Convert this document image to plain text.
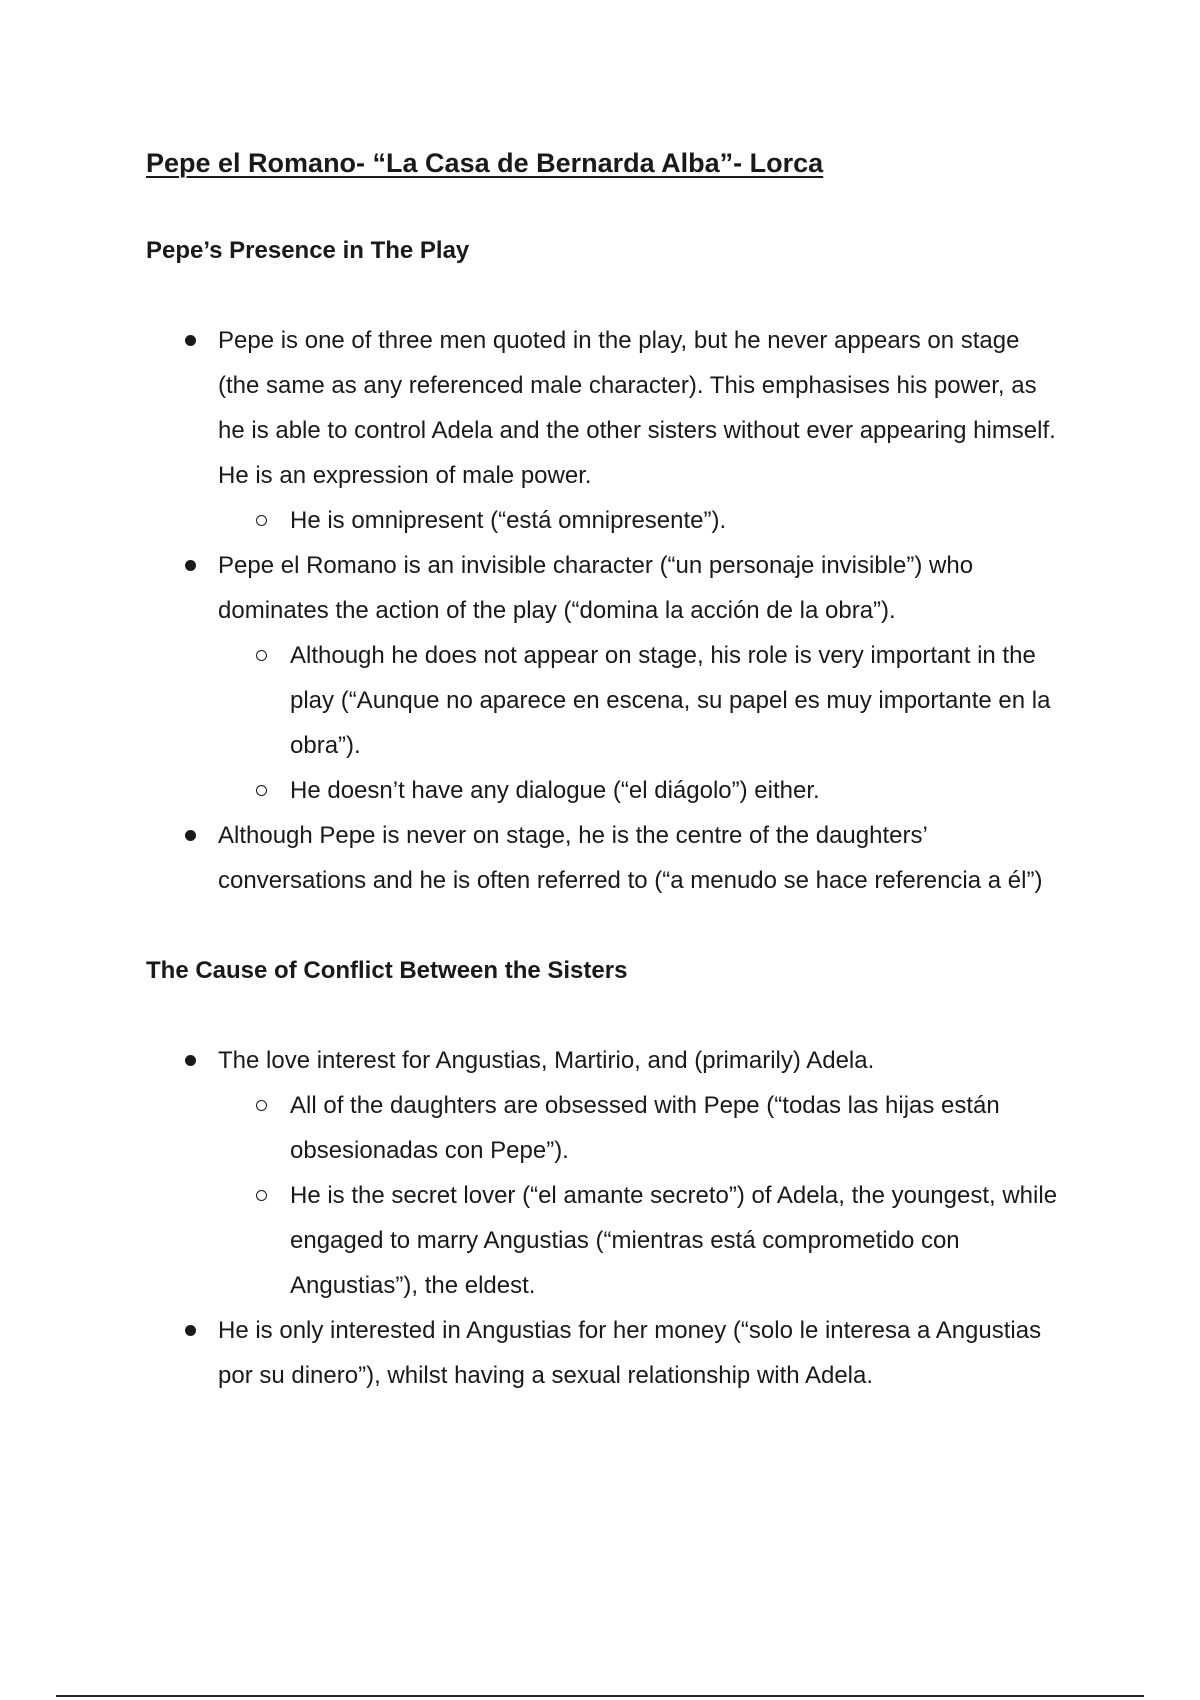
Pepe el Romano- “La Casa de Bernarda Alba”- Lorca
Pepe’s Presence in The Play
Pepe is one of three men quoted in the play, but he never appears on stage (the same as any referenced male character). This emphasises his power, as he is able to control Adela and the other sisters without ever appearing himself. He is an expression of male power.
He is omnipresent (“está omnipresente”).
Pepe el Romano is an invisible character (“un personaje invisible”) who dominates the action of the play (“domina la acción de la obra”).
Although he does not appear on stage, his role is very important in the play (“Aunque no aparece en escena, su papel es muy importante en la obra”).
He doesn’t have any dialogue (“el diágolo”) either.
Although Pepe is never on stage, he is the centre of the daughters’ conversations and he is often referred to (“a menudo se hace referencia a él”)
The Cause of Conflict Between the Sisters
The love interest for Angustias, Martirio, and (primarily) Adela.
All of the daughters are obsessed with Pepe (“todas las hijas están obsesionadas con Pepe”).
He is the secret lover (“el amante secreto”) of Adela, the youngest, while engaged to marry Angustias (“mientras está comprometido con Angustias”), the eldest.
He is only interested in Angustias for her money (“solo le interesa a Angustias por su dinero”), whilst having a sexual relationship with Adela.
